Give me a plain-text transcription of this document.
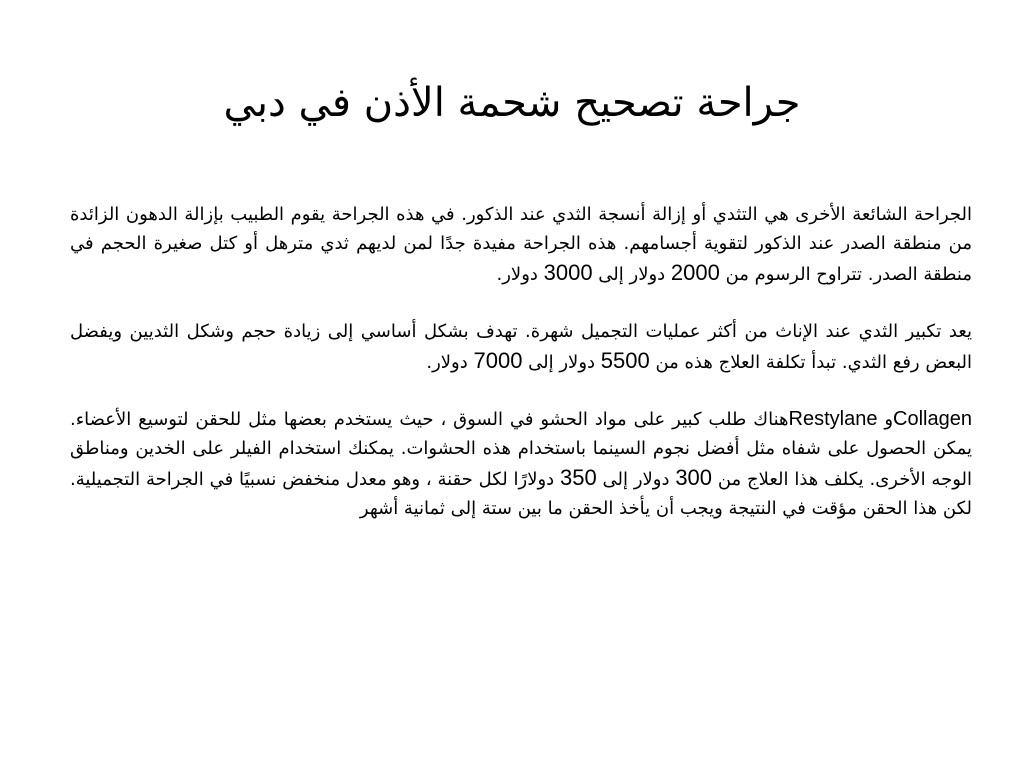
جراحة تصحيح شحمة الأذن في دبي

الجراحة الشائعة الأخرى هي التثدي أو إزالة أنسجة الثدي عند الذكور. في هذه الجراحة يقوم الطبيب بإزالة الدهون الزائدة من منطقة الصدر عند الذكور لتقوية أجسامهم. هذه الجراحة مفيدة جدًا لمن لديهم ثدي مترهل أو كتل صغيرة الحجم في منطقة الصدر. تتراوح الرسوم من 2000 دولار إلى 3000 دولار.

يعد تكبير الثدي عند الإناث من أكثر عمليات التجميل شهرة. تهدف بشكل أساسي إلى زيادة حجم وشكل الثديين ويفضل البعض رفع الثدي. تبدأ تكلفة العلاج هذه من 5500 دولار إلى 7000 دولار.

Collagenو Restylaneهناك طلب كبير على مواد الحشو في السوق ، حيث يستخدم بعضها مثل للحقن لتوسيع الأعضاء. يمكن الحصول على شفاه مثل أفضل نجوم السينما باستخدام هذه الحشوات. يمكنك استخدام الفيلر على الخدين ومناطق الوجه الأخرى. يكلف هذا العلاج من 300 دولار إلى 350 دولارًا لكل حقنة ، وهو معدل منخفض نسبيًا في الجراحة التجميلية. لكن هذا الحقن مؤقت في النتيجة ويجب أن يأخذ الحقن ما بين ستة إلى ثمانية أشهر
